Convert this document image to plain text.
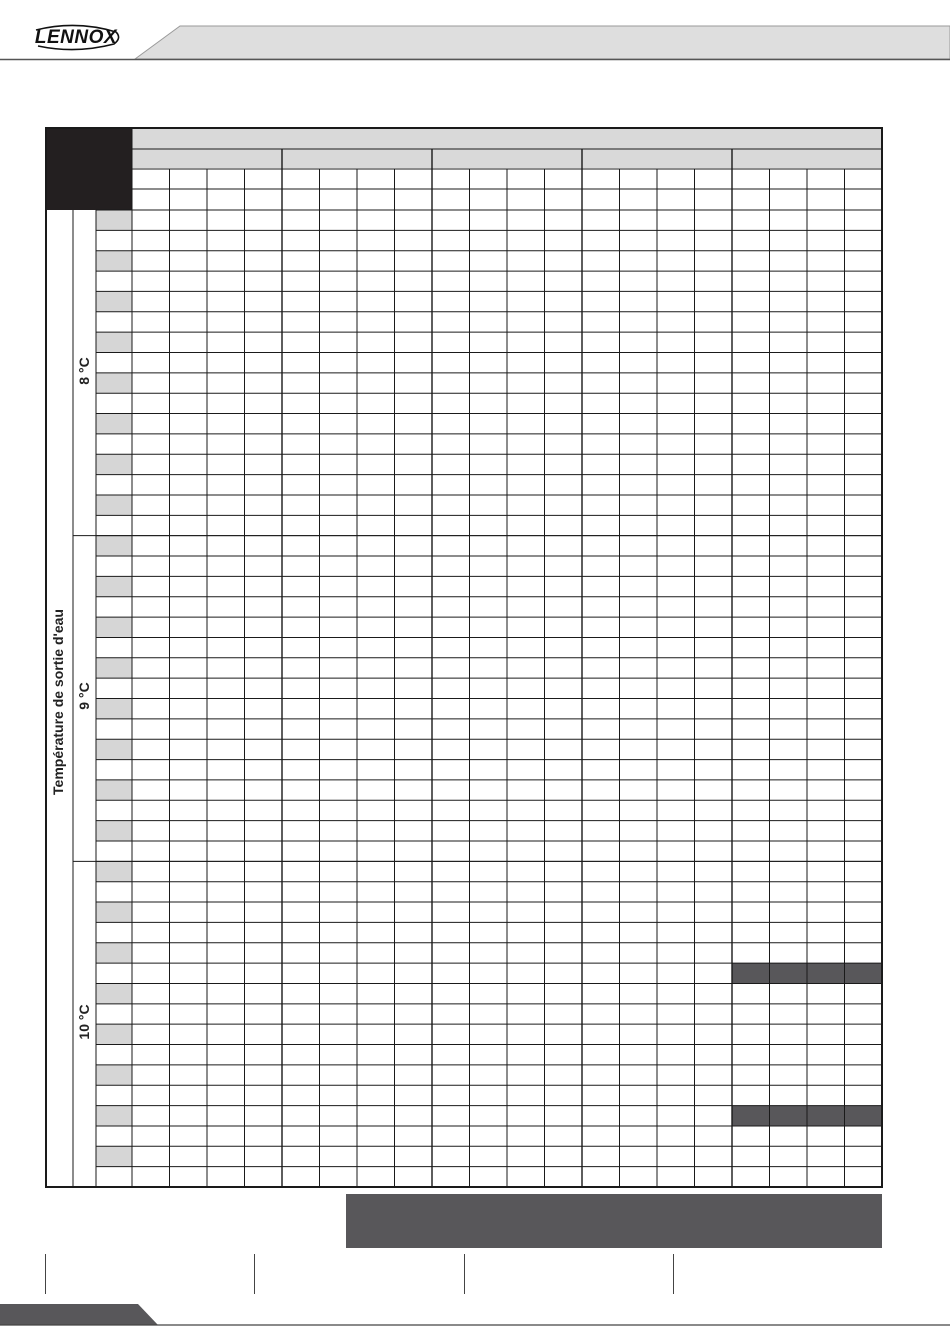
LENNOX
Température de sortie d'eau
8 °C
9 °C
10 °C
